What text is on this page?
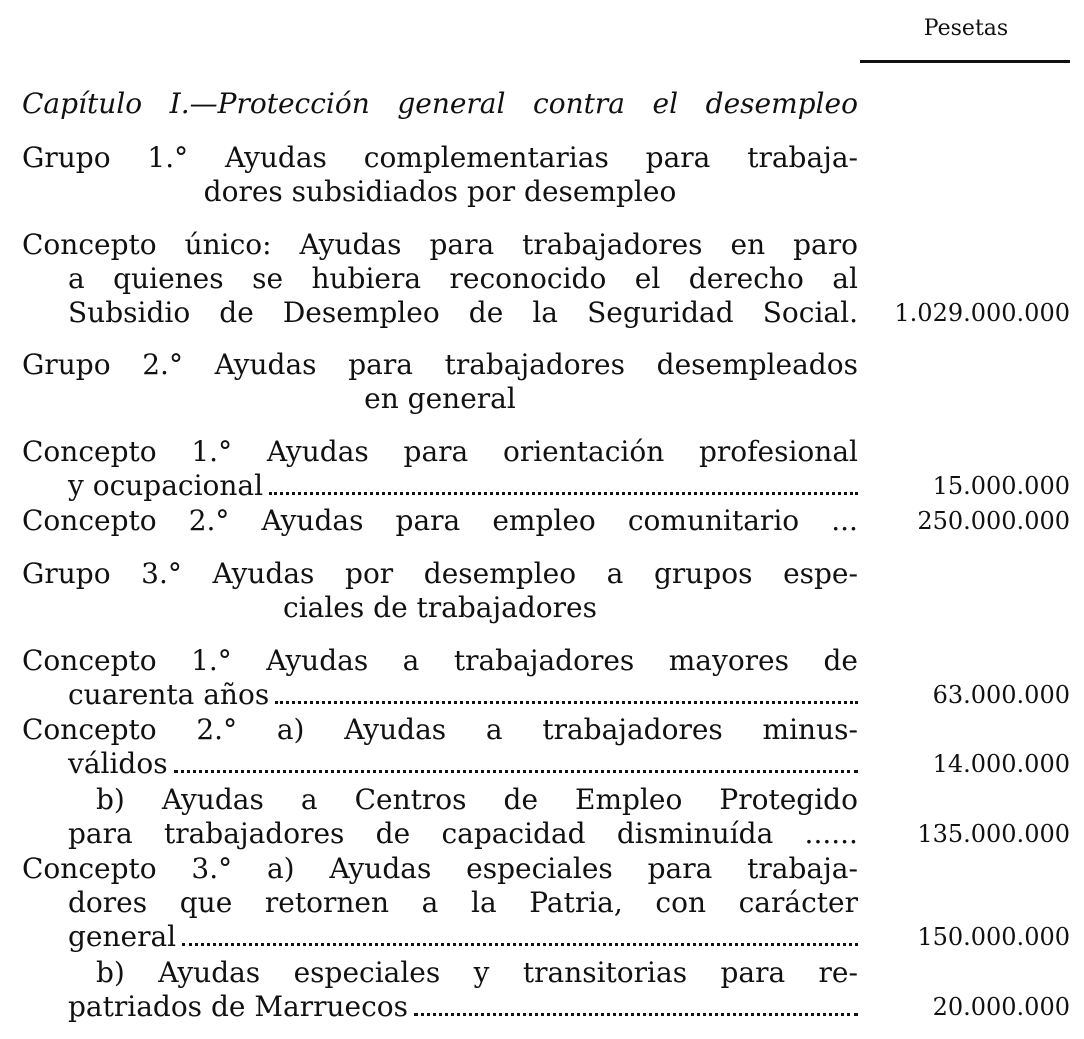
Pesetas
Capítulo I.—Protección general contra el desempleo
Grupo 1.° Ayudas complementarias para trabaja-
dores subsidiados por desempleo
Concepto único: Ayudas para trabajadores en paro
a quienes se hubiera reconocido el derecho al
Subsidio de Desempleo de la Seguridad Social. 1.029.000.000
Grupo 2.° Ayudas para trabajadores desempleados
en general
Concepto 1.° Ayudas para orientación profesional
y ocupacional	15.000.000
Concepto 2.° Ayudas para empleo comunitario ... 250.000.000
Grupo 3.° Ayudas por desempleo a grupos espe-
ciales de trabajadores
Concepto 1.° Ayudas a trabajadores mayores de
cuarenta años	63.000.000
Concepto 2.° a) Ayudas a trabajadores minus-
válidos	14.000.000
b) Ayudas a Centros de Empleo Protegido
para trabajadores de capacidad disminuída ...... 135.000.000
Concepto 3.° a) Ayudas especiales para trabaja-
dores que retornen a la Patria, con carácter
general	150.000.000
b) Ayudas especiales y transitorias para re-
patriados de Marruecos	20.000.000
